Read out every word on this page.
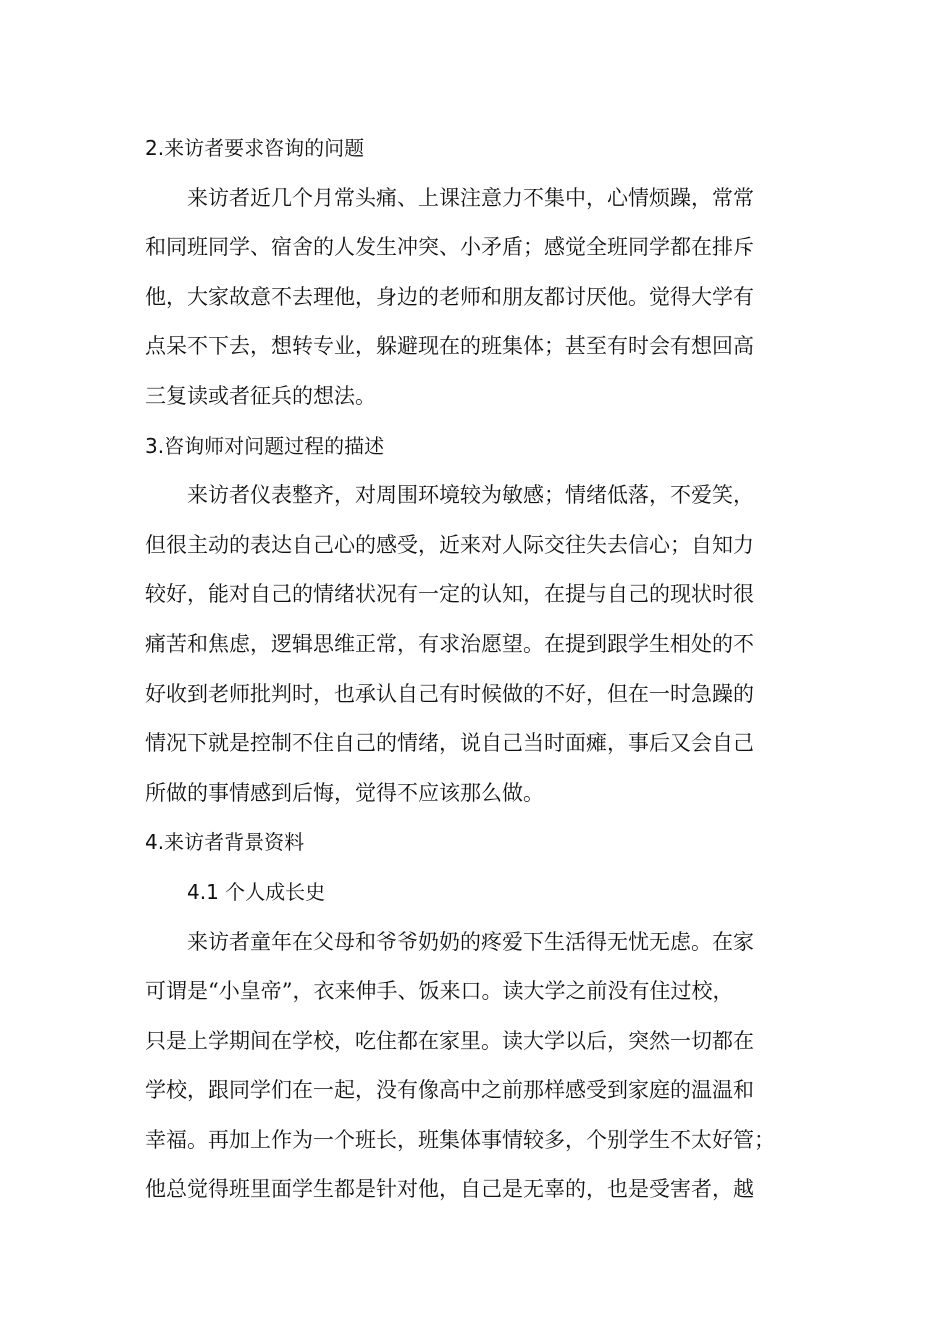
2.来访者要求咨询的问题

来访者近几个月常头痛、上课注意力不集中，心情烦躁，常常
和同班同学、宿舍的人发生冲突、小矛盾；感觉全班同学都在排斥
他，大家故意不去理他，身边的老师和朋友都讨厌他。觉得大学有
点呆不下去，想转专业，躲避现在的班集体；甚至有时会有想回高
三复读或者征兵的想法。

3.咨询师对问题过程的描述

来访者仪表整齐，对周围环境较为敏感；情绪低落，不爱笑，
但很主动的表达自己心的感受，近来对人际交往失去信心；自知力
较好，能对自己的情绪状况有一定的认知，在提与自己的现状时很
痛苦和焦虑，逻辑思维正常，有求治愿望。在提到跟学生相处的不
好收到老师批判时，也承认自己有时候做的不好，但在一时急躁的
情况下就是控制不住自己的情绪，说自己当时面瘫，事后又会自己
所做的事情感到后悔，觉得不应该那么做。

4.来访者背景资料

4.1 个人成长史

来访者童年在父母和爷爷奶奶的疼爱下生活得无忧无虑。在家
可谓是“小皇帝”，衣来伸手、饭来口。读大学之前没有住过校，
只是上学期间在学校，吃住都在家里。读大学以后，突然一切都在
学校，跟同学们在一起，没有像高中之前那样感受到家庭的温温和
幸福。再加上作为一个班长，班集体事情较多，个别学生不太好管；
他总觉得班里面学生都是针对他，自己是无辜的，也是受害者，越
